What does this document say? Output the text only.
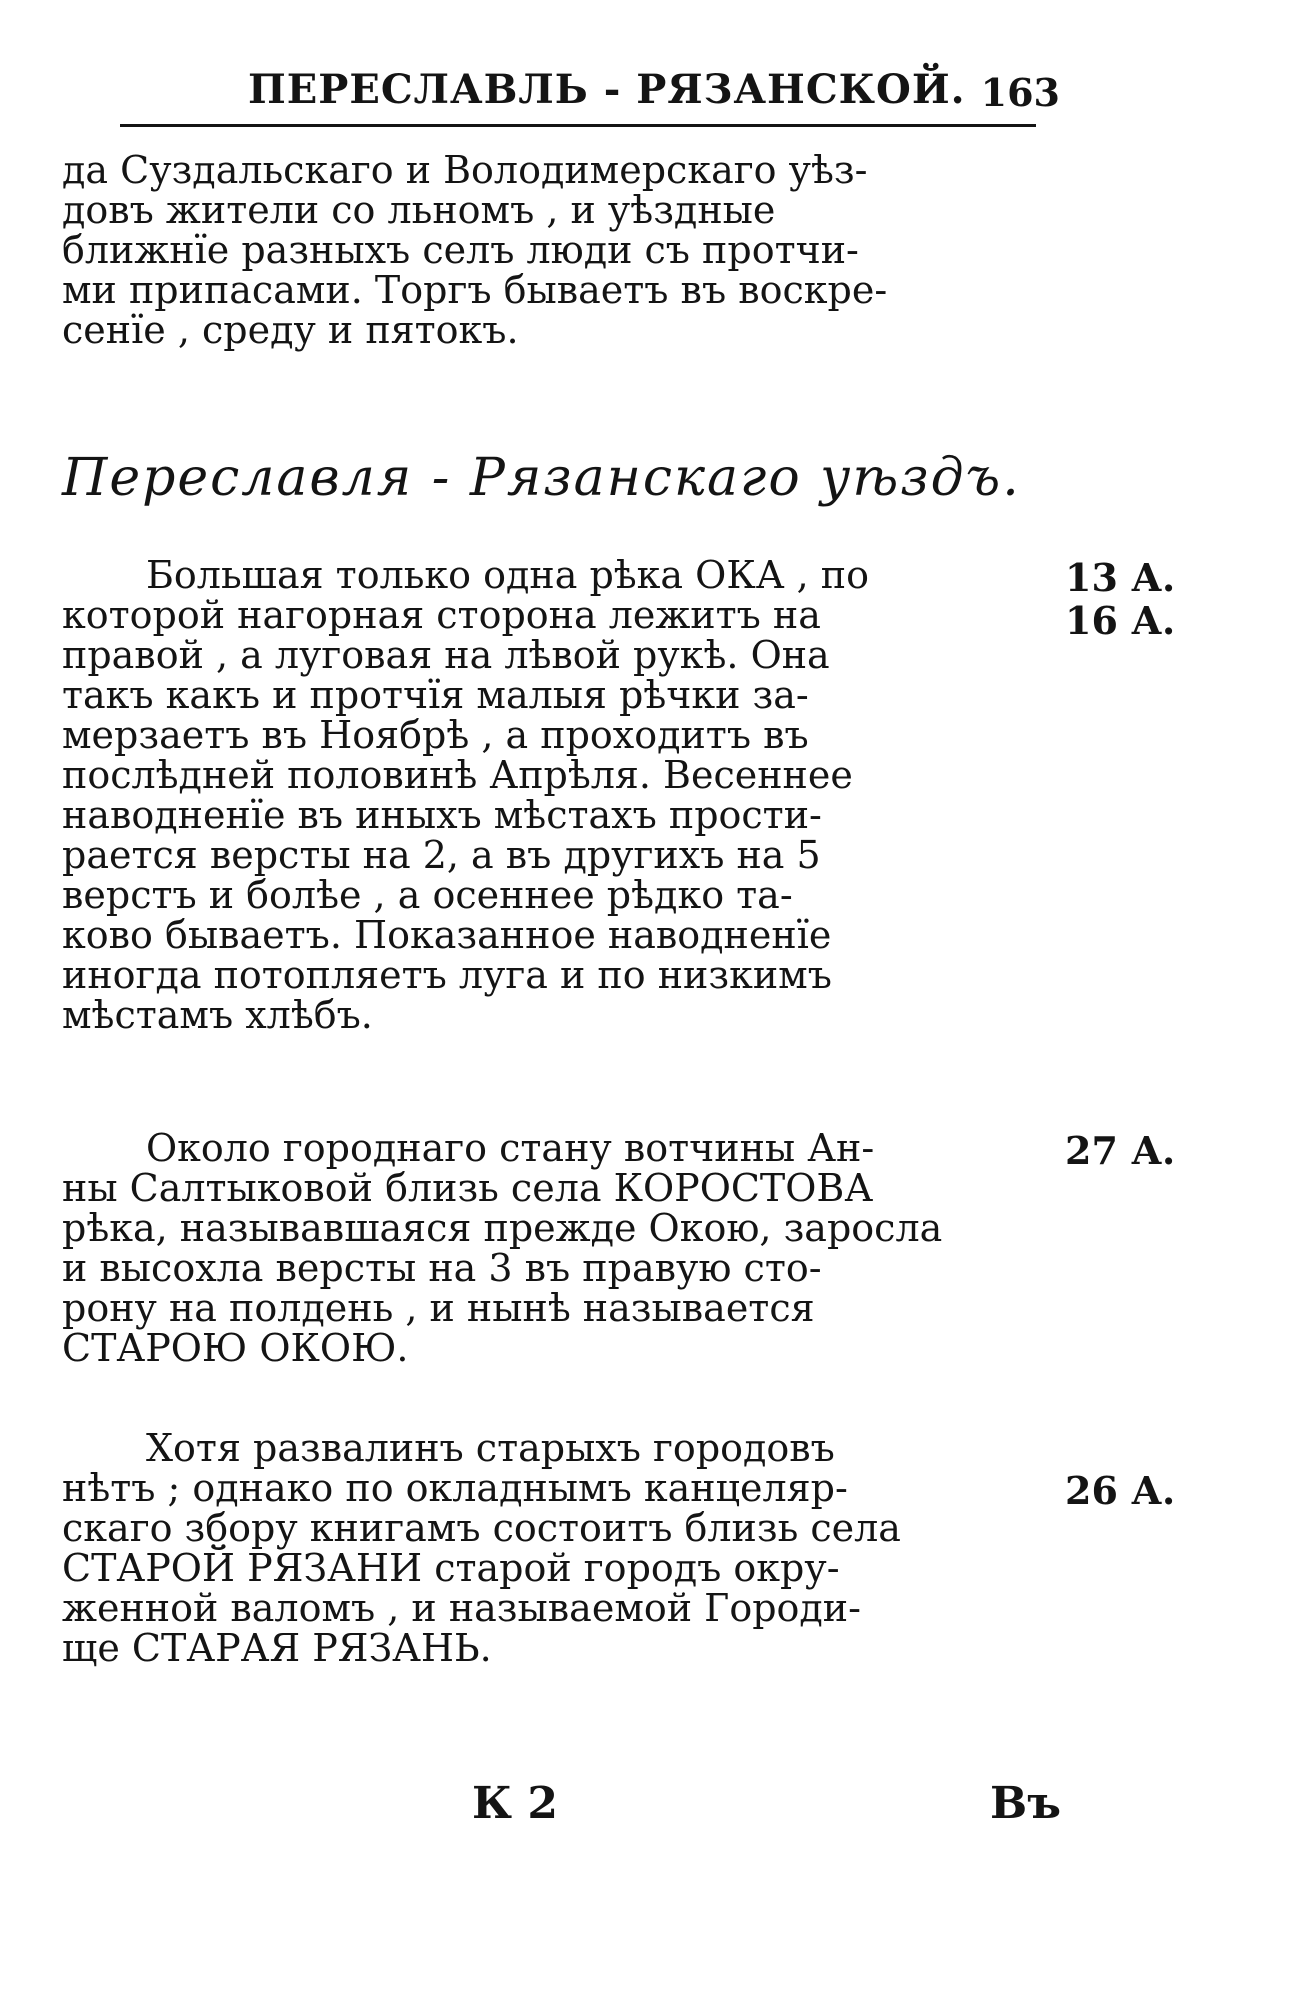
ПЕРЕСЛАВЛЬ - РЯЗАНСКОЙ. 163
да Суздальскаго и Володимерскаго уѣз-
довъ жители со льномъ , и уѣздные
ближнїе разныхъ селъ люди съ протчи-
ми припасами. Торгъ бываетъ въ воскре-
сенїе , среду и пятокъ.
Переславля - Рязанскаго уѣздъ.
Большая только одна рѣка ОКА , по
которой нагорная сторона лежитъ на
правой , а луговая на лѣвой рукѣ. Она
такъ какъ и протчїя малыя рѣчки за-
мерзаетъ въ Ноябрѣ , а проходитъ въ
послѣдней половинѣ Апрѣля. Весеннее
наводненїе въ иныхъ мѣстахъ прости-
рается версты на 2, а въ другихъ на 5
верстъ и болѣе , а осеннее рѣдко та-
ково бываетъ. Показанное наводненїе
иногда потопляетъ луга и по низкимъ
мѣстамъ хлѣбъ.
Около городнаго стану вотчины Ан-
ны Салтыковой близь села КОРОСТОВА
рѣка, называвшаяся прежде Окою, заросла
и высохла версты на 3 въ правую сто-
рону на полдень , и нынѣ называется
СТАРОЮ ОКОЮ.
Хотя развалинъ старыхъ городовъ
нѣтъ ; однако по окладнымъ канцеляр-
скаго збору книгамъ состоитъ близь села
СТАРОЙ РЯЗАНИ старой городъ окру-
женной валомъ , и называемой Городи-
ще СТАРАЯ РЯЗАНЬ.
13 А.
16 А.
27 А.
26 А.
К 2	Въ
